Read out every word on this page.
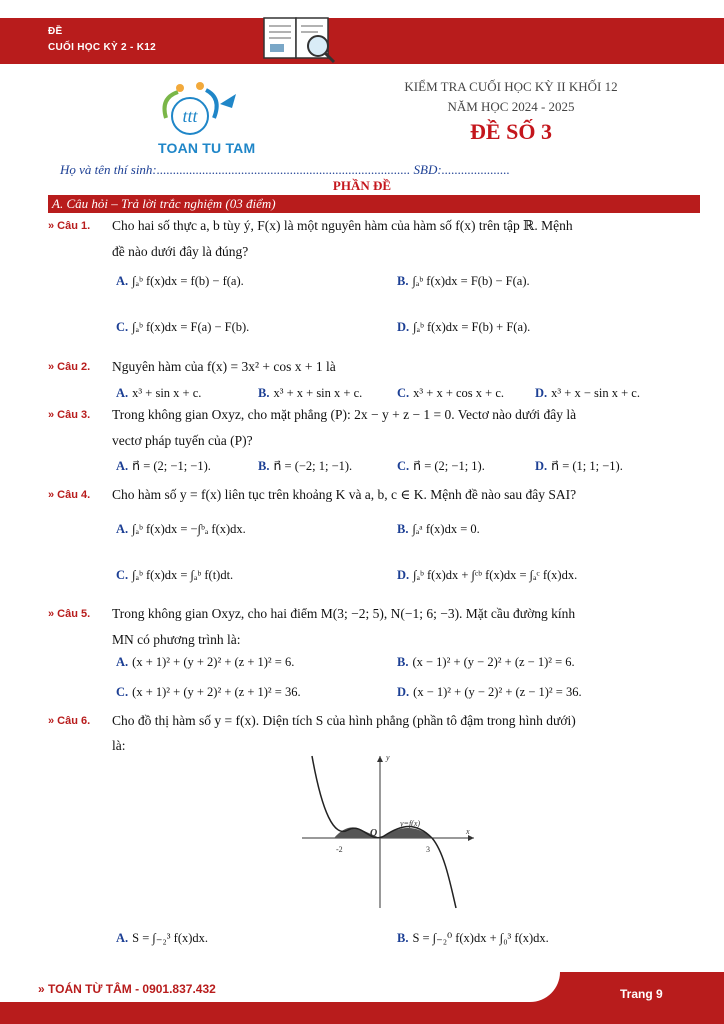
ĐỀ
CUỐI HỌC KỲ 2 - K12
ttt
TOAN TU TAM
KIỂM TRA CUỐI HỌC KỲ II KHỐI 12
NĂM HỌC 2024 - 2025
ĐỀ SỐ 3
Họ và tên thí sinh:.............................................................................. SBD:.....................
PHẦN ĐỀ
A. Câu hỏi – Trả lời trắc nghiệm (03 điểm)
» Câu 1. Cho hai số thực a, b tùy ý, F(x) là một nguyên hàm của hàm số f(x) trên tập ℝ. Mệnh
đề nào dưới đây là đúng?
A. ∫ₐᵇ f(x)dx = f(b) − f(a).	B. ∫ₐᵇ f(x)dx = F(b) − F(a).
C. ∫ₐᵇ f(x)dx = F(a) − F(b).	D. ∫ₐᵇ f(x)dx = F(b) + F(a).
» Câu 2. Nguyên hàm của f(x) = 3x² + cos x + 1 là
A. x³ + sin x + c.	B. x³ + x + sin x + c.	C. x³ + x + cos x + c. D. x³ + x − sin x + c.
» Câu 3. Trong không gian Oxyz, cho mặt phẳng (P): 2x − y + z − 1 = 0. Vectơ nào dưới đây là
vectơ pháp tuyến của (P)?
A. n⃗ = (2; −1; −1).	B. n⃗ = (−2; 1; −1).	C. n⃗ = (2; −1; 1).	D. n⃗ = (1; 1; −1).
» Câu 4. Cho hàm số y = f(x) liên tục trên khoảng K và a, b, c ∈ K. Mệnh đề nào sau đây SAI?
A. ∫ₐᵇ f(x)dx = −∫ᵇₐ f(x)dx.	B. ∫ₐᵃ f(x)dx = 0.
C. ∫ₐᵇ f(x)dx = ∫ₐᵇ f(t)dt.	D. ∫ₐᵇ f(x)dx + ∫ᶜᵇ f(x)dx = ∫ₐᶜ f(x)dx.
» Câu 5. Trong không gian Oxyz, cho hai điểm M(3; −2; 5), N(−1; 6; −3). Mặt cầu đường kính
MN có phương trình là:
A. (x + 1)² + (y + 2)² + (z + 1)² = 6.	B. (x − 1)² + (y − 2)² + (z − 1)² = 6.
C. (x + 1)² + (y + 2)² + (z + 1)² = 36.	D. (x − 1)² + (y − 2)² + (z − 1)² = 36.
» Câu 6. Cho đồ thị hàm số y = f(x). Diện tích S của hình phẳng (phần tô đậm trong hình dưới)
là:
y
x
O
y=f(x)
-2	3
A. S = ∫₋₂³ f(x)dx.	B. S = ∫₋₂⁰ f(x)dx + ∫₀³ f(x)dx.
» TOÁN TỪ TÂM - 0901.837.432	Trang 9
